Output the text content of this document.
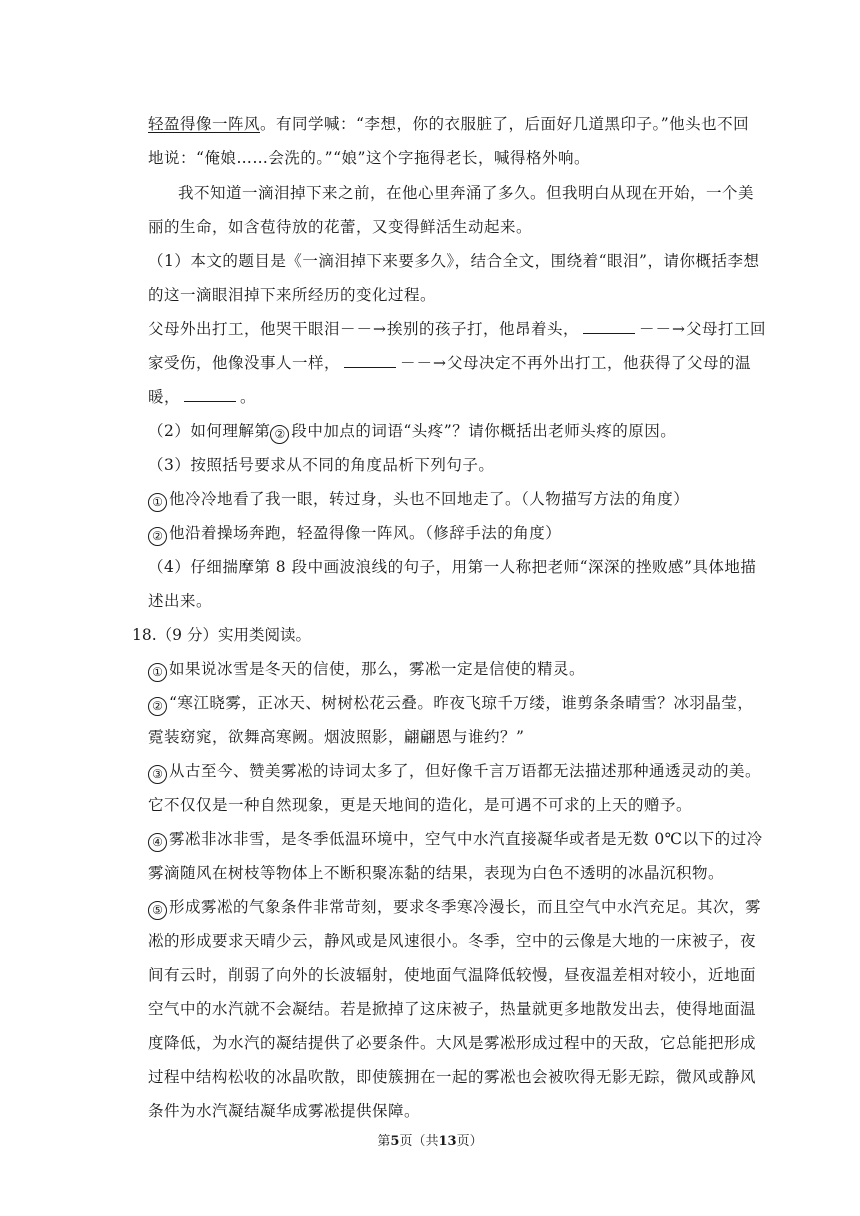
轻盈得像一阵风。有同学喊：“李想，你的衣服脏了，后面好几道黑印子。”他头也不回
地说：“俺娘……会洗的。”“娘”这个字拖得老长，喊得格外响。
我不知道一滴泪掉下来之前，在他心里奔涌了多久。但我明白从现在开始，一个美
丽的生命，如含苞待放的花蕾，又变得鲜活生动起来。
（1）本文的题目是《一滴泪掉下来要多久》，结合全文，围绕着“眼泪”，请你概括李想
的这一滴眼泪掉下来所经历的变化过程。
父母外出打工，他哭干眼泪－－→挨别的孩子打，他昂着头，	－－→父母打工回
家受伤，他像没事人一样，	－－→父母决定不再外出打工，他获得了父母的温
暖，	。
（2）如何理解第 ② 段中加点的词语“头疼”？请你概括出老师头疼的原因。
（3）按照括号要求从不同的角度品析下列句子。
① 他冷冷地看了我一眼，转过身，头也不回地走了。（人物描写方法的角度）
② 他沿着操场奔跑，轻盈得像一阵风。（修辞手法的角度）
（4）仔细揣摩第 8 段中画波浪线的句子，用第一人称把老师“深深的挫败感”具体地描
述出来。
18.（9 分）实用类阅读。
① 如果说冰雪是冬天的信使，那么，雾凇一定是信使的精灵。
② “寒江晓雾，正冰天、树树松花云叠。昨夜飞琼千万缕，谁剪条条晴雪？冰羽晶莹，
霓装窈窕，欲舞高寒阙。烟波照影，翩翩恩与谁约？”
③ 从古至今、赞美雾凇的诗词太多了，但好像千言万语都无法描述那种通透灵动的美。
它不仅仅是一种自然现象，更是天地间的造化，是可遇不可求的上天的赠予。
④ 雾凇非冰非雪，是冬季低温环境中，空气中水汽直接凝华或者是无数 0℃以下的过冷
雾滴随风在树枝等物体上不断积聚冻黏的结果，表现为白色不透明的冰晶沉积物。
⑤ 形成雾凇的气象条件非常苛刻，要求冬季寒冷漫长，而且空气中水汽充足。其次，雾
凇的形成要求天晴少云，静风或是风速很小。冬季，空中的云像是大地的一床被子，夜
间有云时，削弱了向外的长波辐射，使地面气温降低较慢，昼夜温差相对较小，近地面
空气中的水汽就不会凝结。若是掀掉了这床被子，热量就更多地散发出去，使得地面温
度降低，为水汽的凝结提供了必要条件。大风是雾凇形成过程中的天敌，它总能把形成
过程中结构松收的冰晶吹散，即使簇拥在一起的雾凇也会被吹得无影无踪，微风或静风
条件为水汽凝结凝华成雾凇提供保障。
第5页（共13页）
